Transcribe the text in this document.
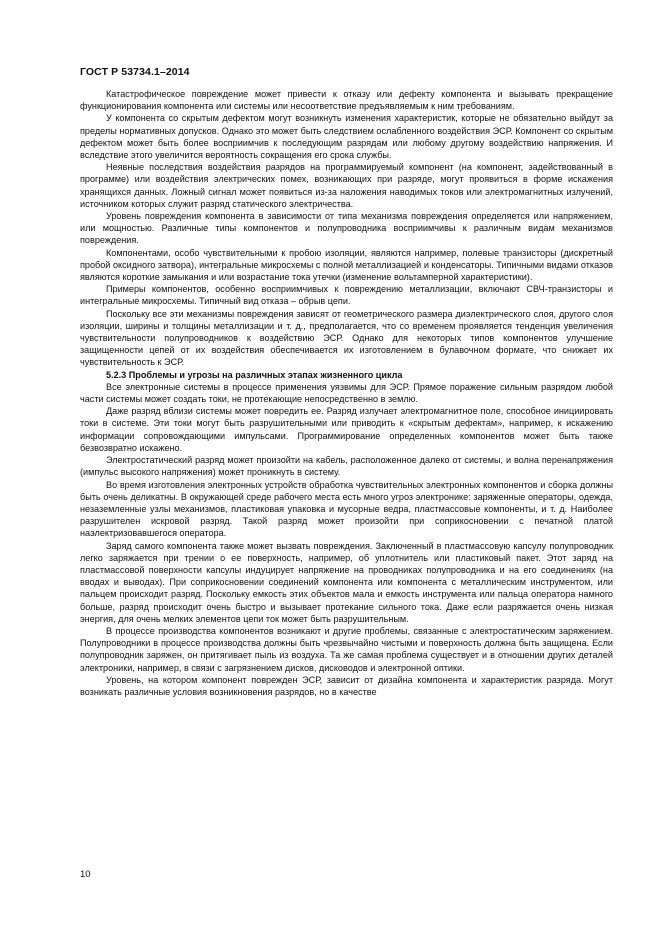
ГОСТ Р 53734.1–2014

Катастрофическое повреждение может привести к отказу или дефекту компонента и вызывать прекращение функционирования компонента или системы или несоответствие предъявляемым к ним требованиям.

У компонента со скрытым дефектом могут возникнуть изменения характеристик, которые не обязательно выйдут за пределы нормативных допусков. Однако это может быть следствием ослабленного воздействия ЭСР. Компонент со скрытым дефектом может быть более восприимчив к последующим разрядам или любому другому воздействию напряжения. И вследствие этого увеличится вероятность сокращения его срока службы.

Неявные последствия воздействия разрядов на программируемый компонент (на компонент, задействованный в программе) или воздействия электрических помех, возникающих при разряде, могут проявиться в форме искажения хранящихся данных. Ложный сигнал может появиться из-за наложения наводимых токов или электромагнитных излучений, источником которых служит разряд статического электричества.

Уровень повреждения компонента в зависимости от типа механизма повреждения определяется или напряжением, или мощностью. Различные типы компонентов и полупроводника восприимчивы к различным видам механизмов повреждения.

Компонентами, особо чувствительными к пробою изоляции, являются например, полевые транзисторы (дискретный пробой оксидного затвора), интегральные микросхемы с полной металлизацией и конденсаторы. Типичными видами отказов являются короткие замыкания и или возрастание тока утечки (изменение вольтамперной характеристики).

Примеры компонентов, особенно восприимчивых к повреждению металлизации, включают СВЧ-транзисторы и интегральные микросхемы. Типичный вид отказа – обрыв цепи.

Поскольку все эти механизмы повреждения зависят от геометрического размера диэлектрического слоя, другого слоя изоляции, ширины и толщины металлизации и т. д., предполагается, что со временем проявляется тенденция увеличения чувствительности полупроводников к воздействию ЭСР. Однако для некоторых типов компонентов улучшение защищенности цепей от их воздействия обеспечивается их изготовлением в булавочном формате, что снижает их чувствительность к ЭСР.

5.2.3 Проблемы и угрозы на различных этапах жизненного цикла

Все электронные системы в процессе применения уязвимы для ЭСР. Прямое поражение сильным разрядом любой части системы может создать токи, не протекающие непосредственно в землю.

Даже разряд вблизи системы может повредить ее. Разряд излучает электромагнитное поле, способное инициировать токи в системе. Эти токи могут быть разрушительными или приводить к «скрытым дефектам», например, к искажению информации сопровождающими импульсами. Программирование определенных компонентов может быть также безвозвратно искажено.

Электростатический разряд может произойти на кабель, расположенное далеко от системы, и волна перенапряжения (импульс высокого напряжения) может проникнуть в систему.

Во время изготовления электронных устройств обработка чувствительных электронных компонентов и сборка должны быть очень деликатны. В окружающей среде рабочего места есть много угроз электронике: заряженные операторы, одежда, незаземленные узлы механизмов, пластиковая упаковка и мусорные ведра, пластмассовые компоненты, и т. д. Наиболее разрушителен искровой разряд. Такой разряд может произойти при соприкосновении с печатной платой наэлектризовавшегося оператора.

Заряд самого компонента также может вызвать повреждения. Заключенный в пластмассовую капсулу полупроводник легко заряжается при трении о ее поверхность, например, об уплотнитель или пластиковый пакет. Этот заряд на пластмассовой поверхности капсулы индуцирует напряжение на проводниках полупроводника и на его соединениях (на вводах и выводах). При соприкосновении соединений компонента или компонента с металлическим инструментом, или пальцем происходит разряд. Поскольку емкость этих объектов мала и емкость инструмента или пальца оператора намного больше, разряд происходит очень быстро и вызывает протекание сильного тока. Даже если разряжается очень низкая энергия, для очень мелких элементов цепи ток может быть разрушительным.

В процессе производства компонентов возникают и другие проблемы, связанные с электростатическим заряжением. Полупроводники в процессе производства должны быть чрезвычайно чистыми и поверхность должна быть защищена. Если полупроводник заряжен, он притягивает пыль из воздуха. Та же самая проблема существует и в отношении других деталей электроники, например, в связи с загрязнением дисков, дисководов и электронной оптики.

Уровень, на котором компонент поврежден ЭСР, зависит от дизайна компонента и характеристик разряда. Могут возникать различные условия возникновения разрядов, но в качестве

10
